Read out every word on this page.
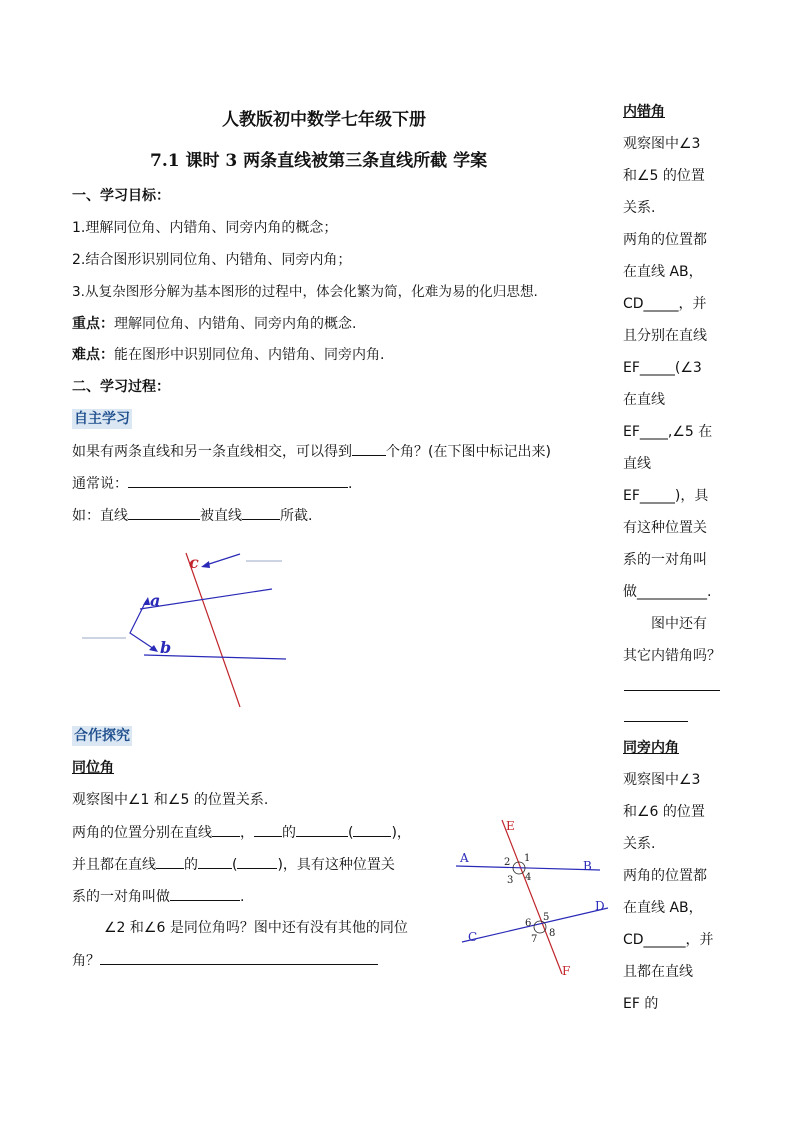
人教版初中数学七年级下册
7.1 课时 3 两条直线被第三条直线所截 学案
一、学习目标：
1.理解同位角、内错角、同旁内角的概念；
2.结合图形识别同位角、内错角、同旁内角；
3.从复杂图形分解为基本图形的过程中，体会化繁为简，化难为易的化归思想.
重点：理解同位角、内错角、同旁内角的概念.
难点：能在图形中识别同位角、内错角、同旁内角.
二、学习过程：
自主学习
如果有两条直线和另一条直线相交，可以得到 个角？(在下图中标记出来)
通常说：	.
如：直线	被直线	所截.
c
a
b
合作探究
同位角
观察图中∠1 和∠5 的位置关系.
两角的位置分别在直线 ， 的	(	)，
并且都在直线 的 (	)，具有这种位置关
系的一对角叫做	.
∠2 和∠6 是同位角吗？图中还有没有其他的同位
角？
E
A
B
D
C
F
1
2
3 4
5
6
7
8
内错角
观察图中∠3
和∠5 的位置
关系.
两角的位置都
在直线 AB，
CD_____，并
且分别在直线
EF_____(∠3
在直线
EF____,∠5 在
直线
EF_____)，具
有这种位置关
系的一对角叫
做__________.
　　图中还有
其它内错角吗？
同旁内角
观察图中∠3
和∠6 的位置
关系.
两角的位置都
在直线 AB，
CD______，并
且都在直线
EF 的
